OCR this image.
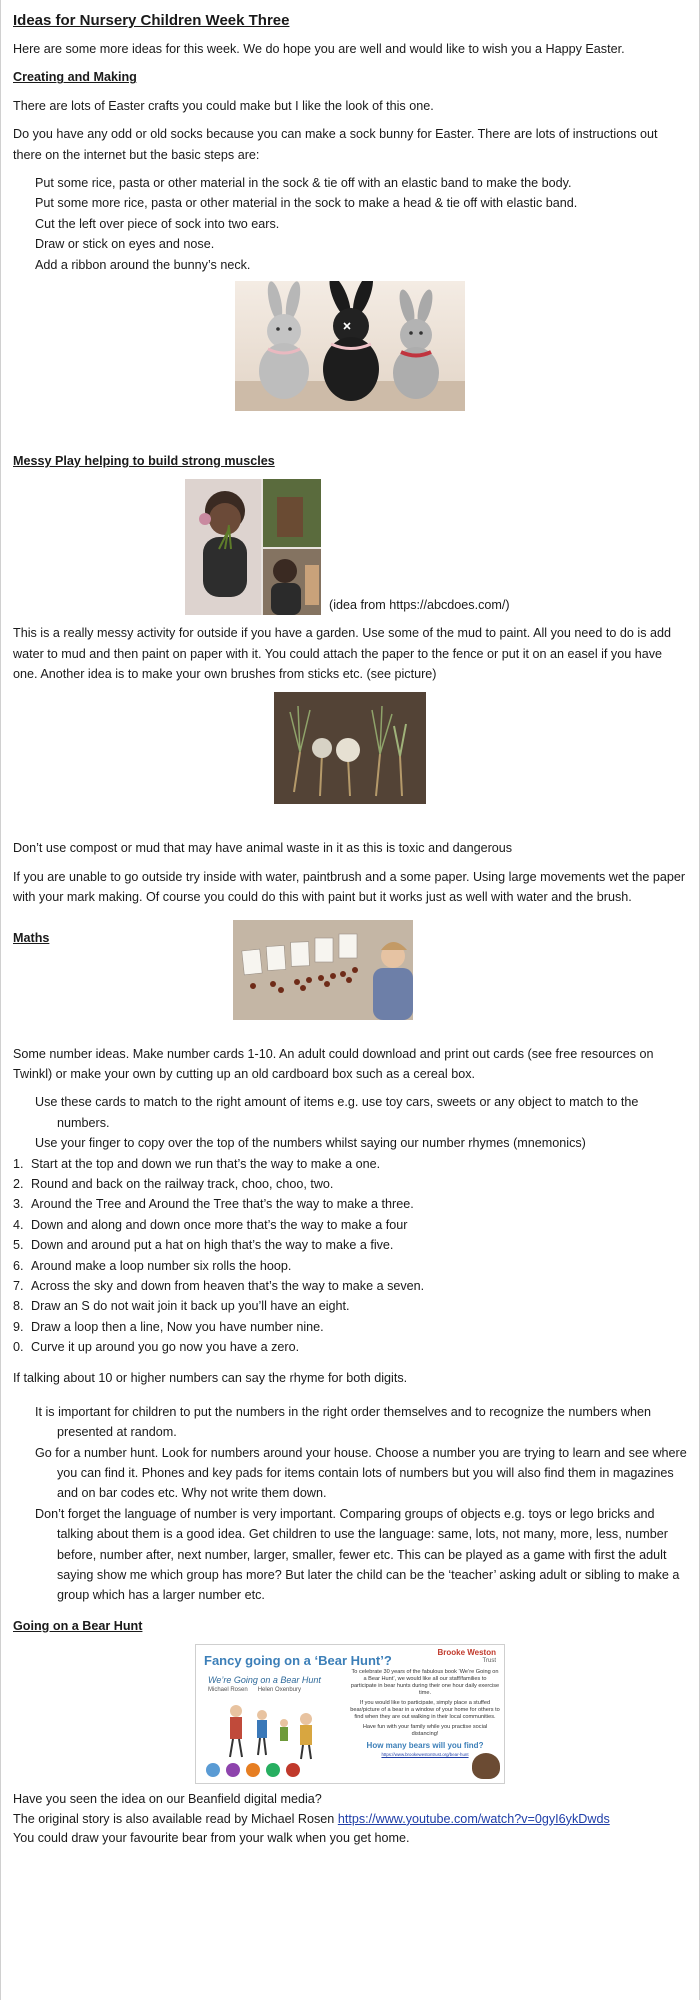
Ideas for Nursery Children Week Three

Here are some more ideas for this week. We do hope you are well and would like to wish you a Happy Easter.

Creating and Making

There are lots of Easter crafts you could make but I like the look of this one.

Do you have any odd or old socks because you can make a sock bunny for Easter. There are lots of instructions out there on the internet but the basic steps are:

Put some rice, pasta or other material in the sock & tie off with an elastic band to make the body.
Put some more rice, pasta or other material in the sock to make a head & tie off with elastic band.
Cut the left over piece of sock into two ears.
Draw or stick on eyes and nose.
Add a ribbon around the bunny’s neck.
Messy Play helping to build strong muscles
(idea from https://abcdoes.com/)

This is a really messy activity for outside if you have a garden. Use some of the mud to paint. All you need to do is add water to mud and then paint on paper with it. You could attach the paper to the fence or put it on an easel if you have one. Another idea is to make your own brushes from sticks etc. (see picture)

Don’t use compost or mud that may have animal waste in it as this is toxic and dangerous

If you are unable to go outside try inside with water, paintbrush and a some paper. Using large movements wet the paper with your mark making. Of course you could do this with paint but it works just as well with water and the brush.

Maths

Some number ideas. Make number cards 1-10. An adult could download and print out cards (see free resources on Twinkl) or make your own by cutting up an old cardboard box such as a cereal box.

Use these cards to match to the right amount of items e.g. use toy cars, sweets or any object to match to the numbers.
Use your finger to copy over the top of the numbers whilst saying our number rhymes (mnemonics)
1. Start at the top and down we run that’s the way to make a one.
2. Round and back on the railway track, choo, choo, two.
3. Around the Tree and Around the Tree that’s the way to make a three.
4. Down and along and down once more that’s the way to make a four
5. Down and around put a hat on high that’s the way to make a five.
6. Around make a loop number six rolls the hoop.
7. Across the sky and down from heaven that’s the way to make a seven.
8. Draw an S do not wait join it back up you’ll have an eight.
9. Draw a loop then a line, Now you have number nine.
0. Curve it up around you go now you have a zero.

If talking about 10 or higher numbers can say the rhyme for both digits.

It is important for children to put the numbers in the right order themselves and to recognize the numbers when presented at random.
Go for a number hunt. Look for numbers around your house. Choose a number you are trying to learn and see where you can find it. Phones and key pads for items contain lots of numbers but you will also find them in magazines and on bar codes etc. Why not write them down.
Don’t forget the language of number is very important. Comparing groups of objects e.g. toys or lego bricks and talking about them is a good idea. Get children to use the language: same, lots, not many, more, less, number before, number after, next number, larger, smaller, fewer etc. This can be played as a game with first the adult saying show me which group has more? But later the child can be the ‘teacher’ asking adult or sibling to make a group which has a larger number etc.
Going on a Bear Hunt
Fancy going on a ‘Bear Hunt’?
Brooke Weston
Trust
We’re Going on a Bear Hunt
Michael Rosen Helen Oxenbury
To celebrate 30 years of the fabulous book ‘We’re Going on a Bear Hunt’, we would like all our staff/families to participate in bear hunts during their one hour daily exercise time.
If you would like to participate, simply place a stuffed bear/picture of a bear in a window of your home for others to find when they are out walking in their local communities.
Have fun with your family while you practise social distancing!
How many bears will you find?
https://www.brookewestontrust.org/bear-hunt
Have you seen the idea on our Beanfield digital media?
The original story is also available read by Michael Rosen https://www.youtube.com/watch?v=0gyI6ykDwds
You could draw your favourite bear from your walk when you get home.
